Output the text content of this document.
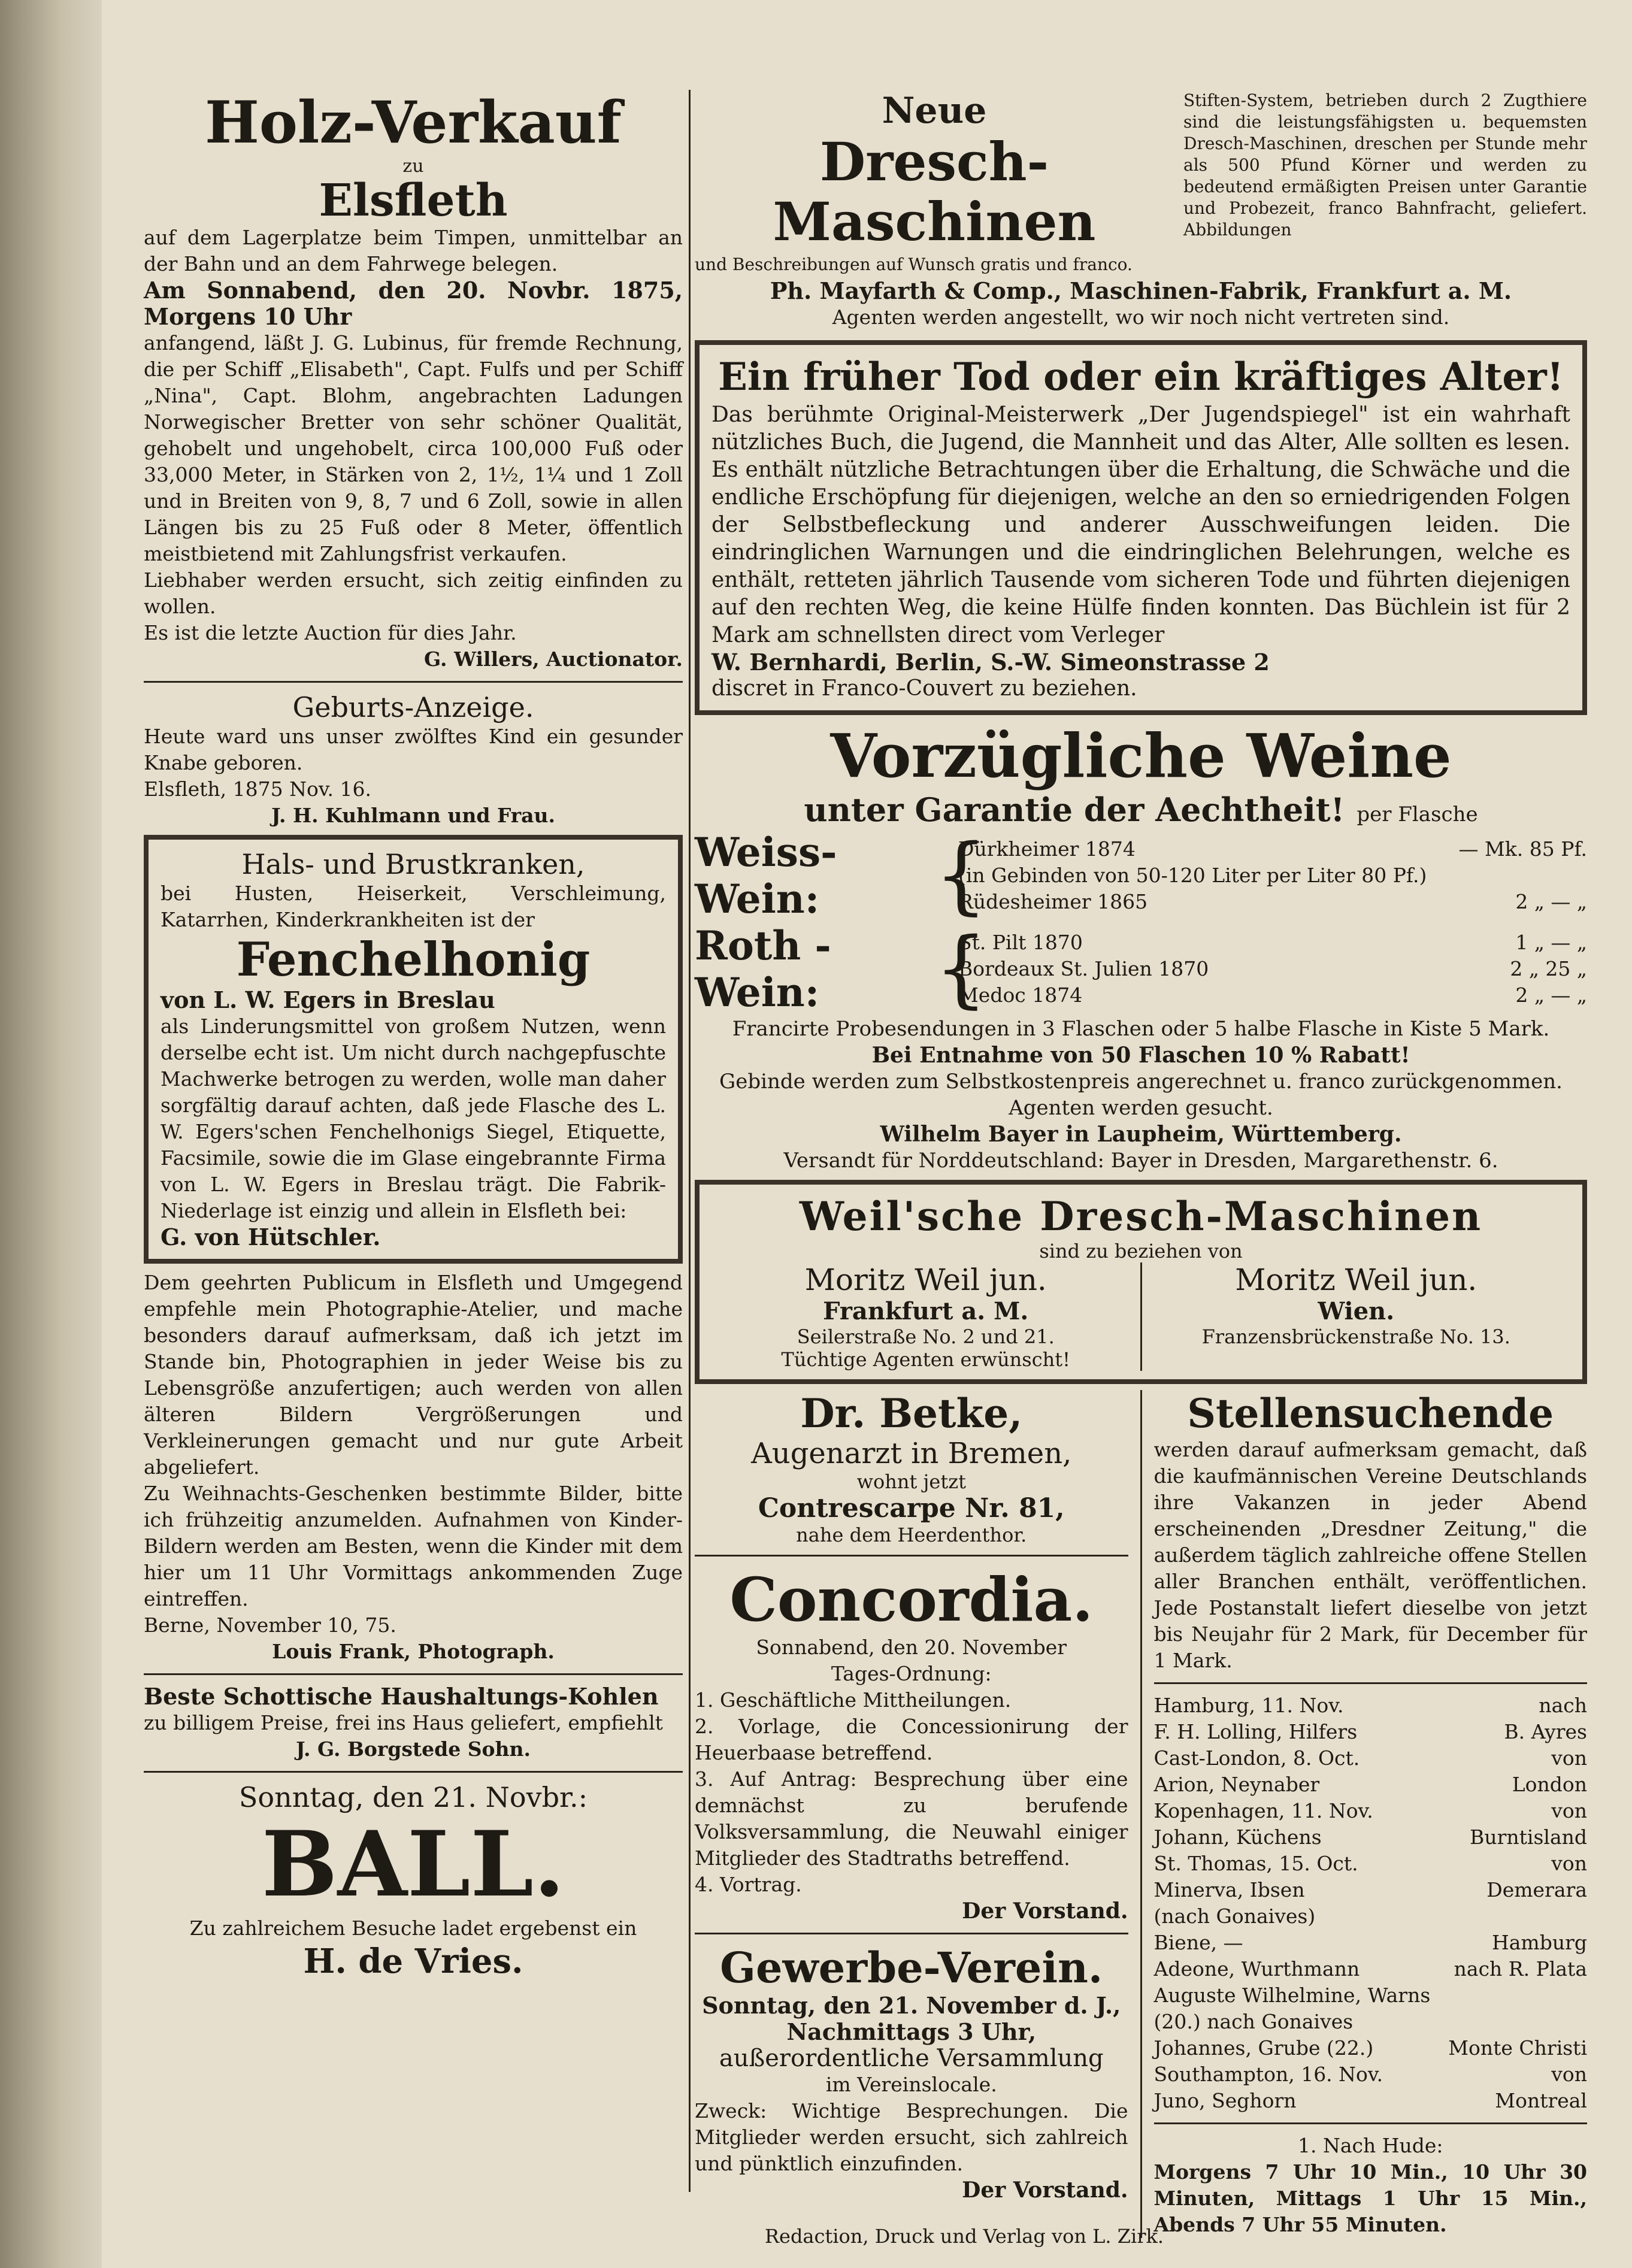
Holz-Verkauf
zu
Elsfleth

auf dem Lagerplatze beim Timpen, unmittelbar an der Bahn und an dem Fahrwege belegen.

Am Sonnabend, den 20. Novbr. 1875, Morgens 10 Uhr

anfangend, läßt J. G. Lubinus, für fremde Rechnung, die per Schiff „Elisabeth", Capt. Fulfs und per Schiff „Nina", Capt. Blohm, angebrachten Ladungen Norwegischer Bretter von sehr schöner Qualität, gehobelt und ungehobelt, circa 100,000 Fuß oder 33,000 Meter, in Stärken von 2, 1½, 1¼ und 1 Zoll und in Breiten von 9, 8, 7 und 6 Zoll, sowie in allen Längen bis zu 25 Fuß oder 8 Meter, öffentlich meistbietend mit Zahlungsfrist verkaufen.

Liebhaber werden ersucht, sich zeitig einfinden zu wollen.

Es ist die letzte Auction für dies Jahr.

G. Willers, Auctionator.

Geburts-Anzeige.

Heute ward uns unser zwölftes Kind ein gesunder Knabe geboren.

Elsfleth, 1875 Nov. 16.

J. H. Kuhlmann und Frau.

Hals- und Brustkranken,

bei Husten, Heiserkeit, Verschleimung, Katarrhen, Kinderkrankheiten ist der

Fenchelhonig

von L. W. Egers in Breslau

als Linderungsmittel von großem Nutzen, wenn derselbe echt ist. Um nicht durch nachgepfuschte Machwerke betrogen zu werden, wolle man daher sorgfältig darauf achten, daß jede Flasche des L. W. Egers'schen Fenchelhonigs Siegel, Etiquette, Facsimile, sowie die im Glase eingebrannte Firma von L. W. Egers in Breslau trägt. Die Fabrik-Niederlage ist einzig und allein in Elsfleth bei:

G. von Hütschler.

Dem geehrten Publicum in Elsfleth und Umgegend empfehle mein Photographie-Atelier, und mache besonders darauf aufmerksam, daß ich jetzt im Stande bin, Photographien in jeder Weise bis zu Lebensgröße anzufertigen; auch werden von allen älteren Bildern Vergrößerungen und Verkleinerungen gemacht und nur gute Arbeit abgeliefert.

Zu Weihnachts-Geschenken bestimmte Bilder, bitte ich frühzeitig anzumelden. Aufnahmen von Kinder-Bildern werden am Besten, wenn die Kinder mit dem hier um 11 Uhr Vormittags ankommenden Zuge eintreffen.

Berne, November 10, 75.

Louis Frank, Photograph.

Beste Schottische Haushaltungs-Kohlen

zu billigem Preise, frei ins Haus geliefert, empfiehlt

J. G. Borgstede Sohn.

Sonntag, den 21. Novbr.:
BALL.

Zu zahlreichem Besuche ladet ergebenst ein

H. de Vries.
Neue
Dresch-Maschinen

Stiften-System, betrieben durch 2 Zugthiere sind die leistungsfähigsten u. bequemsten Dresch-Maschinen, dreschen per Stunde mehr als 500 Pfund Körner und werden zu bedeutend ermäßigten Preisen unter Garantie und Probezeit, franco Bahnfracht, geliefert. Abbildungen

und Beschreibungen auf Wunsch gratis und franco.

Ph. Mayfarth & Comp., Maschinen-Fabrik, Frankfurt a. M.

Agenten werden angestellt, wo wir noch nicht vertreten sind.

Ein früher Tod oder ein kräftiges Alter!

Das berühmte Original-Meisterwerk „Der Jugendspiegel" ist ein wahrhaft nützliches Buch, die Jugend, die Mannheit und das Alter, Alle sollten es lesen. Es enthält nützliche Betrachtungen über die Erhaltung, die Schwäche und die endliche Erschöpfung für diejenigen, welche an den so erniedrigenden Folgen der Selbstbefleckung und anderer Ausschweifungen leiden. Die eindringlichen Warnungen und die eindringlichen Belehrungen, welche es enthält, retteten jährlich Tausende vom sicheren Tode und führten diejenigen auf den rechten Weg, die keine Hülfe finden konnten. Das Büchlein ist für 2 Mark am schnellsten direct vom Verleger

W. Bernhardi, Berlin, S.-W. Simeonstrasse 2

discret in Franco-Couvert zu beziehen.

Vorzügliche Weine
unter Garantie der Aechtheit! per Flasche
Weiss-Wein:	{
Dürkheimer 1874	— Mk. 85 Pf.
(in Gebinden von 50-120 Liter per Liter 80 Pf.)
Rüdesheimer 1865	2 „ — „
Roth - Wein:	{
St. Pilt 1870	1 „ — „
Bordeaux St. Julien 1870	2 „ 25 „
Medoc 1874	2 „ — „

Francirte Probesendungen in 3 Flaschen oder 5 halbe Flasche in Kiste 5 Mark.

Bei Entnahme von 50 Flaschen 10 % Rabatt!

Gebinde werden zum Selbstkostenpreis angerechnet u. franco zurückgenommen.

Agenten werden gesucht.

Wilhelm Bayer in Laupheim, Württemberg.

Versandt für Norddeutschland: Bayer in Dresden, Margarethenstr. 6.

Weil'sche Dresch-Maschinen
sind zu beziehen von
Moritz Weil jun.
Frankfurt a. M.
Seilerstraße No. 2 und 21.
Tüchtige Agenten erwünscht!
Moritz Weil jun.
Wien.
Franzensbrückenstraße No. 13.
Dr. Betke,
Augenarzt in Bremen,
wohnt jetzt
Contrescarpe Nr. 81,
nahe dem Heerdenthor.
Concordia.

Sonnabend, den 20. November

Tages-Ordnung:

1. Geschäftliche Mittheilungen.

2. Vorlage, die Concessionirung der Heuerbaase betreffend.

3. Auf Antrag: Besprechung über eine demnächst zu berufende Volksversammlung, die Neuwahl einiger Mitglieder des Stadtraths betreffend.

4. Vortrag.

Der Vorstand.

Gewerbe-Verein.

Sonntag, den 21. November d. J., Nachmittags 3 Uhr,

außerordentliche Versammlung

im Vereinslocale.

Zweck: Wichtige Besprechungen. Die Mitglieder werden ersucht, sich zahlreich und pünktlich einzufinden.

Der Vorstand.

Stellensuchende

werden darauf aufmerksam gemacht, daß die kaufmännischen Vereine Deutschlands ihre Vakanzen in jeder Abend erscheinenden „Dresdner Zeitung," die außerdem täglich zahlreiche offene Stellen aller Branchen enthält, veröffentlichen. Jede Postanstalt liefert dieselbe von jetzt bis Neujahr für 2 Mark, für December für 1 Mark.

Hamburg, 11. Nov.	nach
F. H. Lolling, Hilfers	B. Ayres
Cast-London, 8. Oct.	von
Arion, Neynaber	London
Kopenhagen, 11. Nov.	von
Johann, Küchens	Burntisland
St. Thomas, 15. Oct.	von
Minerva, Ibsen	Demerara
(nach Gonaives)
Biene, —	Hamburg
Adeone, Wurthmann	nach R. Plata
Auguste Wilhelmine, Warns
(20.) nach Gonaives
Johannes, Grube (22.)	Monte Christi
Southampton, 16. Nov.	von
Juno, Seghorn	Montreal

1. Nach Hude:

Morgens 7 Uhr 10 Min., 10 Uhr 30 Minuten, Mittags 1 Uhr 15 Min., Abends 7 Uhr 55 Minuten.

Redaction, Druck und Verlag von L. Zirk.
